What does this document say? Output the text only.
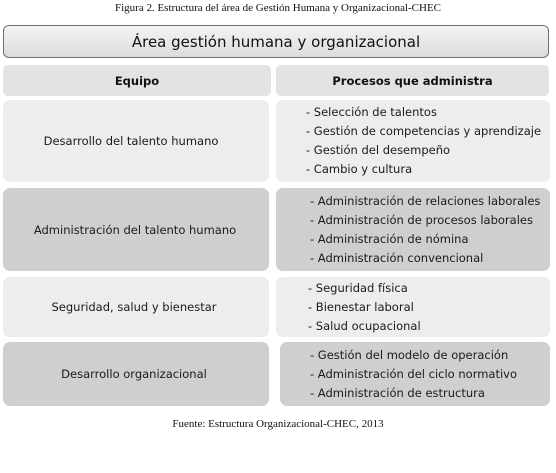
Figura 2. Estructura del área de Gestión Humana y Organizacional-CHEC
Área gestión humana y organizacional
Equipo	Procesos que administra
Desarrollo del talento humano
- Selección de talentos
- Gestión de competencias y aprendizaje
- Gestión del desempeño
- Cambio y cultura
Administración del talento humano
- Administración de relaciones laborales
- Administración de procesos laborales
- Administración de nómina
- Administración convencional
Seguridad, salud y bienestar
- Seguridad física
- Bienestar laboral
- Salud ocupacional
Desarrollo organizacional
- Gestión del modelo de operación
- Administración del ciclo normativo
- Administración de estructura
Fuente: Estructura Organizacional-CHEC, 2013
